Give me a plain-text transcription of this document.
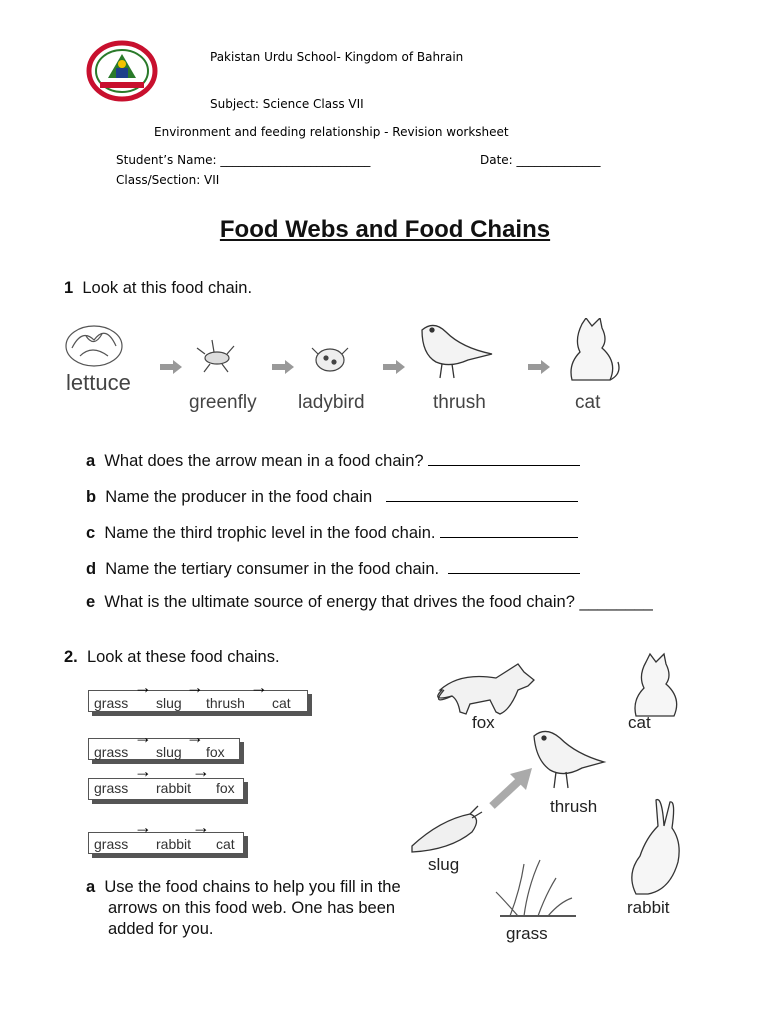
Pakistan Urdu School- Kingdom of Bahrain
Subject: Science Class VII
Environment and feeding relationship - Revision worksheet
Student’s Name: _________________________	Date: ______________
Class/Section: VII
Food Webs and Food Chains
1 Look at this food chain.
lettuce
greenfly ladybird	thrush	cat
a What does the arrow mean in a food chain?
b Name the producer in the food chain
c Name the third trophic level in the food chain.
d Name the tertiary consumer in the food chain.
e What is the ultimate source of energy that drives the food chain? ________
2. Look at these food chains.
grass slug thrush cat
→ →	→
grass slug fox
→ →
grass rabbit fox
→ →
grass rabbit cat
→ →
fox	cat
thrush
slug
rabbit
grass
a Use the food chains to help you fill in the
arrows on this food web. One has been
added for you.
